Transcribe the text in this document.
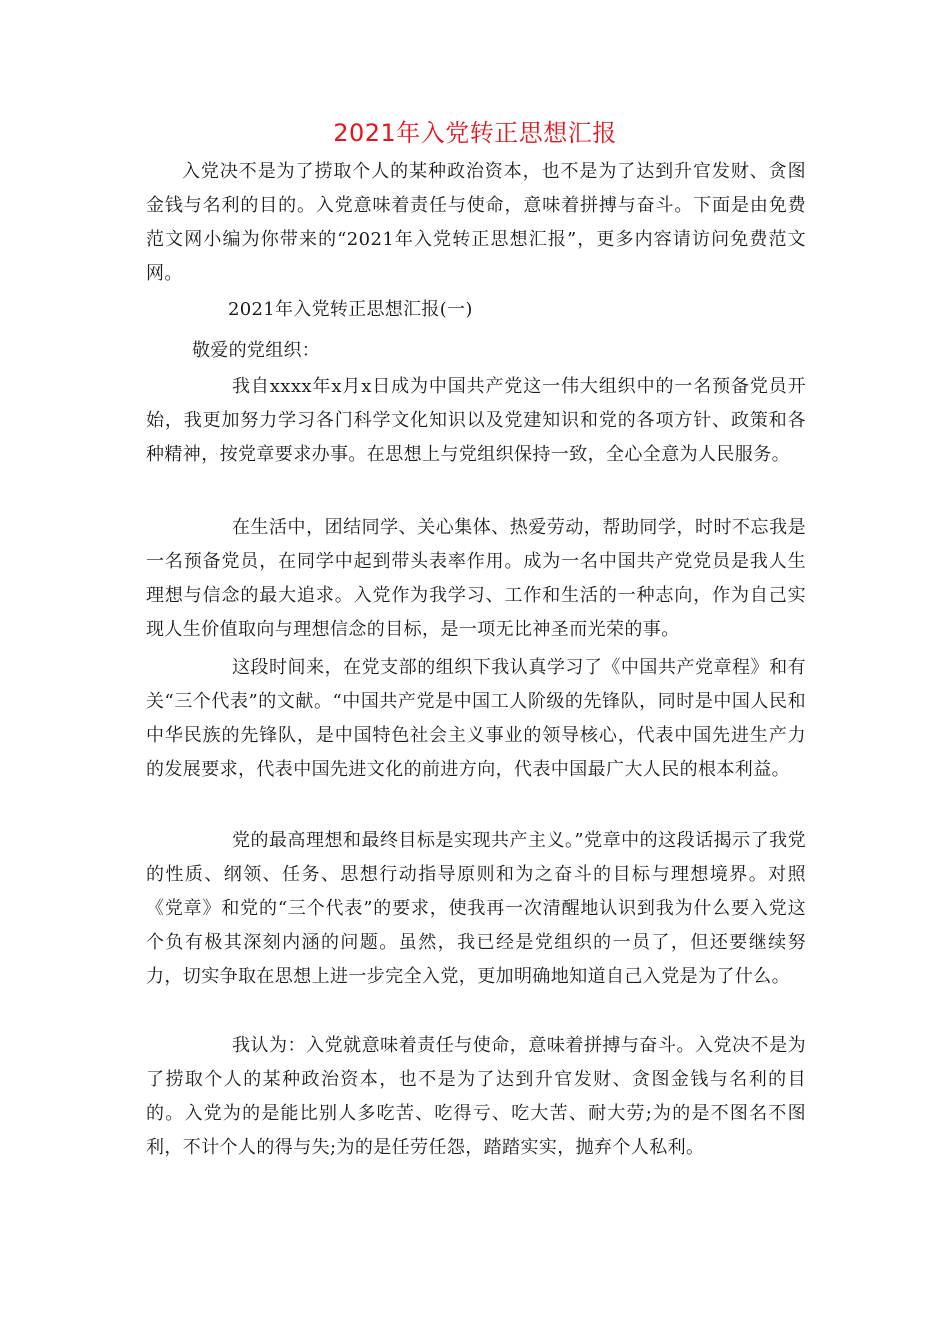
2021年入党转正思想汇报
入党决不是为了捞取个人的某种政治资本，也不是为了达到升官发财、贪图金钱与名利的目的。入党意味着责任与使命，意味着拼搏与奋斗。下面是由免费范文网小编为你带来的“2021年入党转正思想汇报”，更多内容请访问免费范文网。
2021年入党转正思想汇报(一)
敬爱的党组织：
我自xxxx年x月x日成为中国共产党这一伟大组织中的一名预备党员开始，我更加努力学习各门科学文化知识以及党建知识和党的各项方针、政策和各种精神，按党章要求办事。在思想上与党组织保持一致，全心全意为人民服务。
在生活中，团结同学、关心集体、热爱劳动，帮助同学，时时不忘我是一名预备党员，在同学中起到带头表率作用。成为一名中国共产党党员是我人生理想与信念的最大追求。入党作为我学习、工作和生活的一种志向，作为自己实现人生价值取向与理想信念的目标，是一项无比神圣而光荣的事。
这段时间来，在党支部的组织下我认真学习了《中国共产党章程》和有关“三个代表”的文献。“中国共产党是中国工人阶级的先锋队，同时是中国人民和中华民族的先锋队，是中国特色社会主义事业的领导核心，代表中国先进生产力的发展要求，代表中国先进文化的前进方向，代表中国最广大人民的根本利益。
党的最高理想和最终目标是实现共产主义。”党章中的这段话揭示了我党的性质、纲领、任务、思想行动指导原则和为之奋斗的目标与理想境界。对照《党章》和党的“三个代表”的要求，使我再一次清醒地认识到我为什么要入党这个负有极其深刻内涵的问题。虽然，我已经是党组织的一员了，但还要继续努力，切实争取在思想上进一步完全入党，更加明确地知道自己入党是为了什么。
我认为：入党就意味着责任与使命，意味着拼搏与奋斗。入党决不是为了捞取个人的某种政治资本，也不是为了达到升官发财、贪图金钱与名利的目的。入党为的是能比别人多吃苦、吃得亏、吃大苦、耐大劳;为的是不图名不图利，不计个人的得与失;为的是任劳任怨，踏踏实实，抛弃个人私利。
